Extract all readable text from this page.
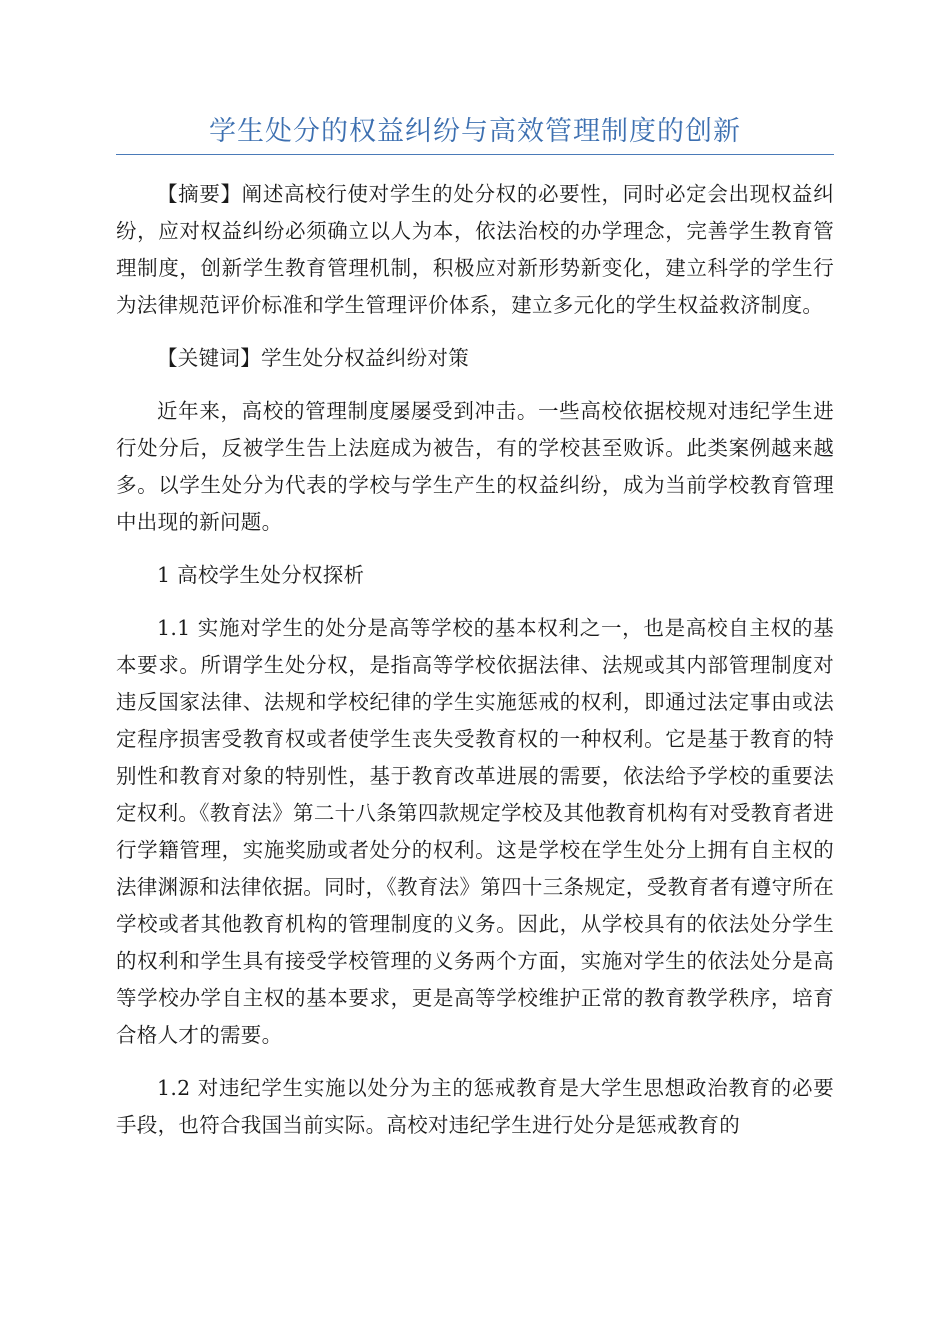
学生处分的权益纠纷与高效管理制度的创新

【摘要】阐述高校行使对学生的处分权的必要性，同时必定会出现权益纠纷，应对权益纠纷必须确立以人为本，依法治校的办学理念，完善学生教育管理制度，创新学生教育管理机制，积极应对新形势新变化，建立科学的学生行为法律规范评价标准和学生管理评价体系，建立多元化的学生权益救济制度。

【关键词】学生处分权益纠纷对策

近年来，高校的管理制度屡屡受到冲击。一些高校依据校规对违纪学生进行处分后，反被学生告上法庭成为被告，有的学校甚至败诉。此类案例越来越多。以学生处分为代表的学校与学生产生的权益纠纷，成为当前学校教育管理中出现的新问题。

1 高校学生处分权探析

1.1 实施对学生的处分是高等学校的基本权利之一，也是高校自主权的基本要求。所谓学生处分权，是指高等学校依据法律、法规或其内部管理制度对违反国家法律、法规和学校纪律的学生实施惩戒的权利，即通过法定事由或法定程序损害受教育权或者使学生丧失受教育权的一种权利。它是基于教育的特别性和教育对象的特别性，基于教育改革进展的需要，依法给予学校的重要法定权利。《教育法》第二十八条第四款规定学校及其他教育机构有对受教育者进行学籍管理，实施奖励或者处分的权利。这是学校在学生处分上拥有自主权的法律渊源和法律依据。同时，《教育法》第四十三条规定，受教育者有遵守所在学校或者其他教育机构的管理制度的义务。因此，从学校具有的依法处分学生的权利和学生具有接受学校管理的义务两个方面，实施对学生的依法处分是高等学校办学自主权的基本要求，更是高等学校维护正常的教育教学秩序，培育合格人才的需要。

1.2 对违纪学生实施以处分为主的惩戒教育是大学生思想政治教育的必要手段，也符合我国当前实际。高校对违纪学生进行处分是惩戒教育的
